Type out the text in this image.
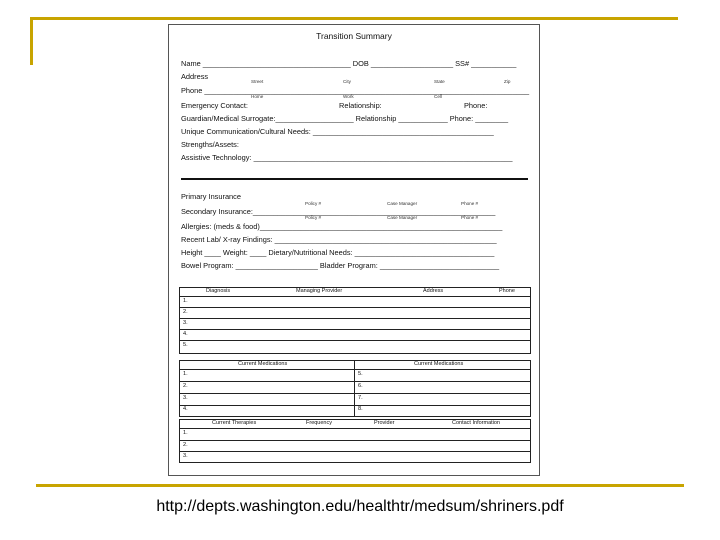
Transition Summary
Name ____________________________________ DOB ____________________ SS# ___________
Address
Street	City	State	Zip
Phone _______________________________________________________________________________
Home	Work	Cell
Emergency Contact:	Relationship:	Phone:
Guardian/Medical Surrogate:___________________ Relationship ____________ Phone: ________
Unique Communication/Cultural Needs: ____________________________________________
Strengths/Assets:
Assistive Technology: _______________________________________________________________
Primary Insurance
Policy #	Case Manager	Phone #
Secondary Insurance:___________________________________________________________
Policy #	Case Manager	Phone #
Allergies: (meds & food)___________________________________________________________
Recent Lab/ X-ray Findings: ______________________________________________________
Height ____ Weight: ____ Dietary/Nutritional Needs: __________________________________
Bowel Program: ____________________ Bladder Program: _____________________________
Diagnosis	Managing Provider	Address	Phone
1.
2.
3.
4.
5.
Current Medications	Current Medications
1.	5.
2.	6.
3.	7.
4.	8.
Current Therapies	Frequency	Provider	Contact Information
1.
2.
3.
http://depts.washington.edu/healthtr/medsum/shriners.pdf
